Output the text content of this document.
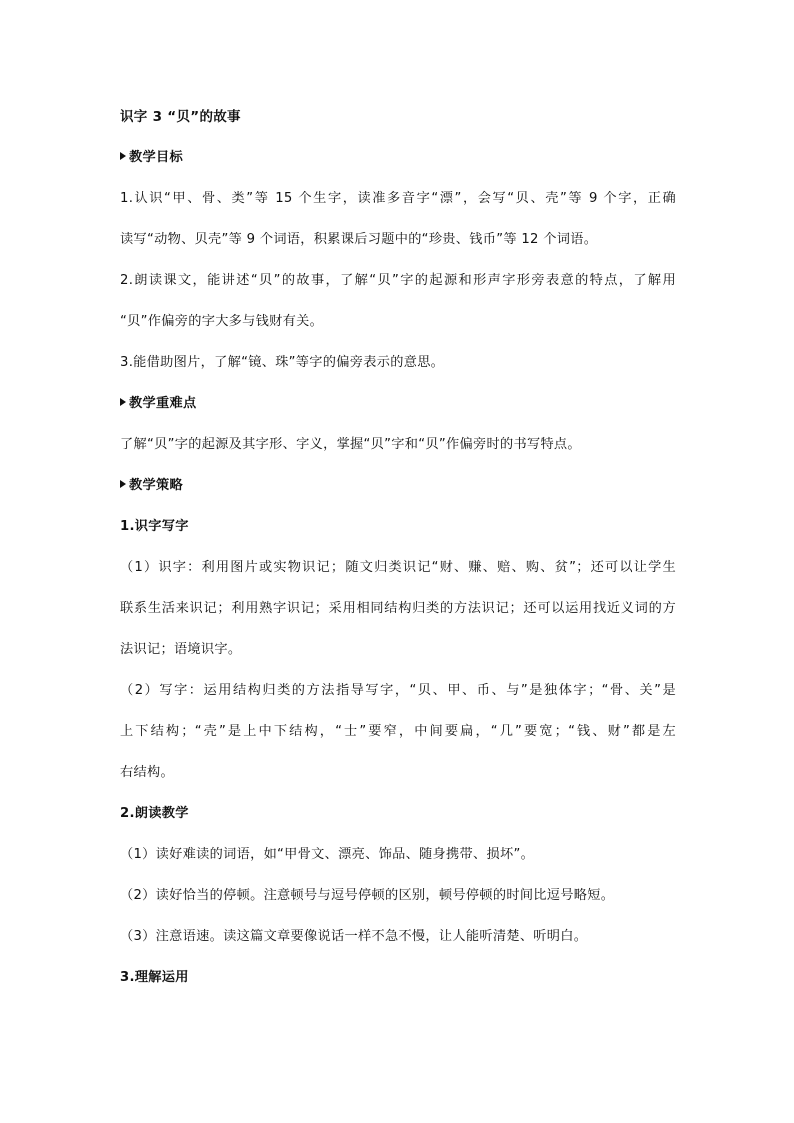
识字 3 “贝”的故事
教学目标
1.认识“甲、骨、类”等 15 个生字，读准多音字“漂”，会写“贝、壳”等 9 个字，正确
读写“动物、贝壳”等 9 个词语，积累课后习题中的“珍贵、钱币”等 12 个词语。
2.朗读课文，能讲述“贝”的故事，了解“贝”字的起源和形声字形旁表意的特点，了解用
“贝”作偏旁的字大多与钱财有关。
3.能借助图片，了解“镜、珠”等字的偏旁表示的意思。
教学重难点
了解“贝”字的起源及其字形、字义，掌握“贝”字和“贝”作偏旁时的书写特点。
教学策略
1.识字写字
（1）识字：利用图片或实物识记；随文归类识记“财、赚、赔、购、贫”；还可以让学生
联系生活来识记；利用熟字识记；采用相同结构归类的方法识记；还可以运用找近义词的方
法识记；语境识字。
（2）写字：运用结构归类的方法指导写字，“贝、甲、币、与”是独体字；“骨、关”是
上下结构；“壳”是上中下结构，“士”要窄，中间要扁，“几”要宽；“钱、财”都是左
右结构。
2.朗读教学
（1）读好难读的词语，如“甲骨文、漂亮、饰品、随身携带、损坏”。
（2）读好恰当的停顿。注意顿号与逗号停顿的区别，顿号停顿的时间比逗号略短。
（3）注意语速。读这篇文章要像说话一样不急不慢，让人能听清楚、听明白。
3.理解运用
